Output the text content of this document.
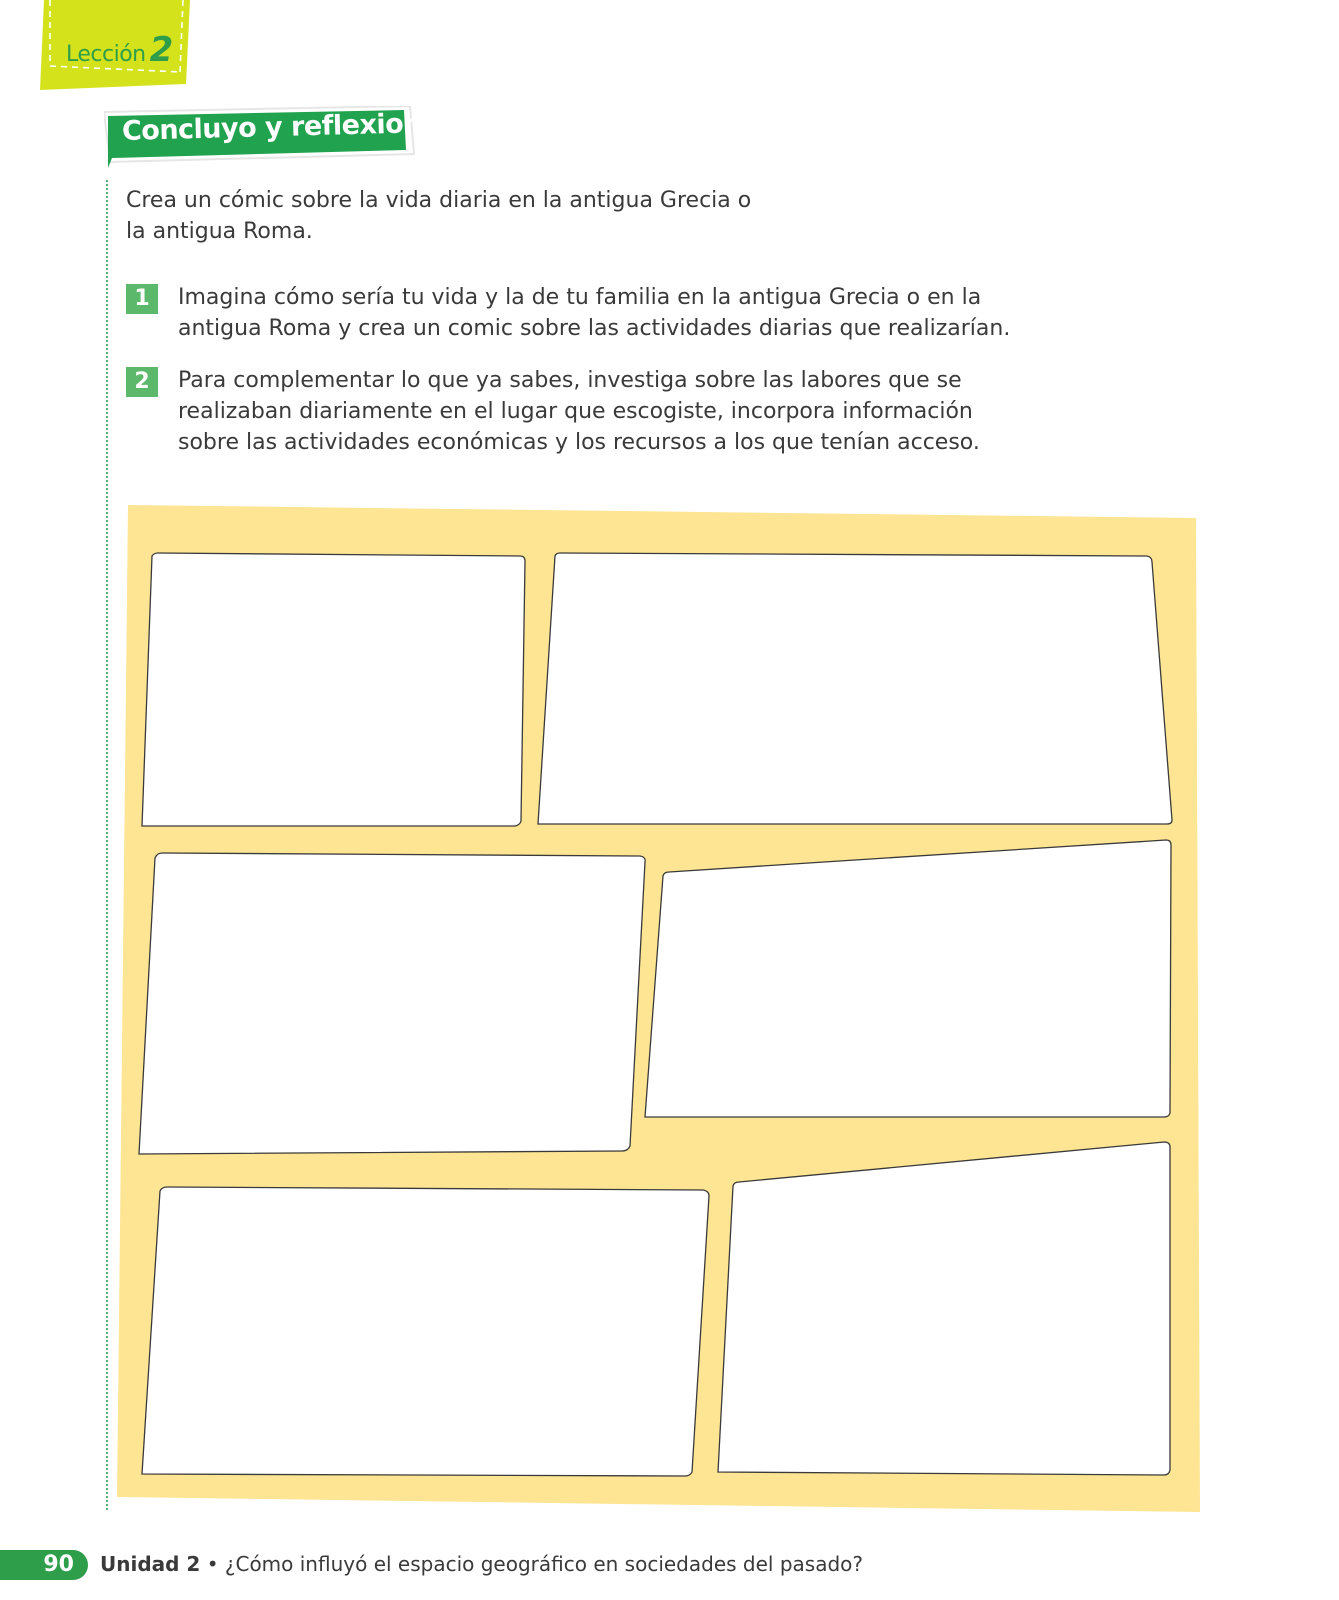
Lección 2
Concluyo y reflexiono
Crea un cómic sobre la vida diaria en la antigua Grecia o la antigua Roma.
1	Imagina cómo sería tu vida y la de tu familia en la antigua Grecia o en la antigua Roma y crea un comic sobre las actividades diarias que realizarían.
2	Para complementar lo que ya sabes, investiga sobre las labores que se realizaban diariamente en el lugar que escogiste, incorpora información sobre las actividades económicas y los recursos a los que tenían acceso.
90	Unidad 2 • ¿Cómo influyó el espacio geográfico en sociedades del pasado?
